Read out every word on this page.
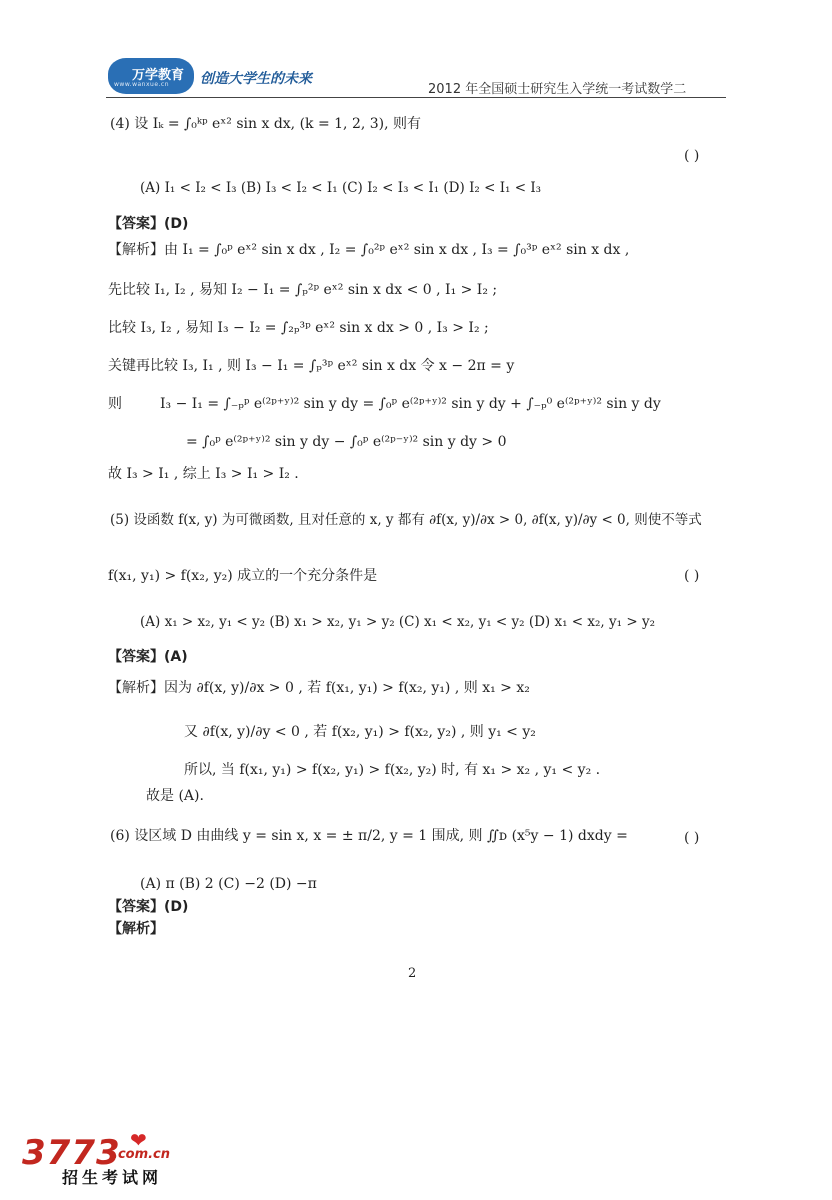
万学教育
www.wanxue.cn 创造大学生的未来
2012 年全国硕士研究生入学统一考试数学二
(4) 设 Iₖ = ∫₀ᵏᵖ eˣ² sin x dx, (k = 1, 2, 3), 则有
( )
(A) I₁ < I₂ < I₃ (B) I₃ < I₂ < I₁ (C) I₂ < I₃ < I₁ (D) I₂ < I₁ < I₃
【答案】(D)
【解析】由 I₁ = ∫₀ᵖ eˣ² sin x dx , I₂ = ∫₀²ᵖ eˣ² sin x dx , I₃ = ∫₀³ᵖ eˣ² sin x dx ,
先比较 I₁, I₂ , 易知 I₂ − I₁ = ∫ₚ²ᵖ eˣ² sin x dx < 0 , I₁ > I₂ ;
比较 I₃, I₂ , 易知 I₃ − I₂ = ∫₂ₚ³ᵖ eˣ² sin x dx > 0 , I₃ > I₂ ;
关键再比较 I₃, I₁ , 则 I₃ − I₁ = ∫ₚ³ᵖ eˣ² sin x dx 令 x − 2π = y
则	I₃ − I₁ = ∫₋ₚᵖ e⁽²ᵖ⁺ʸ⁾² sin y dy = ∫₀ᵖ e⁽²ᵖ⁺ʸ⁾² sin y dy + ∫₋ₚ⁰ e⁽²ᵖ⁺ʸ⁾² sin y dy
= ∫₀ᵖ e⁽²ᵖ⁺ʸ⁾² sin y dy − ∫₀ᵖ e⁽²ᵖ⁻ʸ⁾² sin y dy > 0
故 I₃ > I₁ , 综上 I₃ > I₁ > I₂ .
(5) 设函数 f(x, y) 为可微函数, 且对任意的 x, y 都有 ∂f(x, y)/∂x > 0, ∂f(x, y)/∂y < 0, 则使不等式
f(x₁, y₁) > f(x₂, y₂) 成立的一个充分条件是	( )
(A) x₁ > x₂, y₁ < y₂ (B) x₁ > x₂, y₁ > y₂ (C) x₁ < x₂, y₁ < y₂ (D) x₁ < x₂, y₁ > y₂
【答案】(A)
【解析】因为 ∂f(x, y)/∂x > 0 , 若 f(x₁, y₁) > f(x₂, y₁) , 则 x₁ > x₂
又 ∂f(x, y)/∂y < 0 , 若 f(x₂, y₁) > f(x₂, y₂) , 则 y₁ < y₂
所以, 当 f(x₁, y₁) > f(x₂, y₁) > f(x₂, y₂) 时, 有 x₁ > x₂ , y₁ < y₂ .
故是 (A).
(6) 设区域 D 由曲线 y = sin x, x = ± π/2, y = 1 围成, 则 ∬ᴅ (x⁵y − 1) dxdy =	( )
(A) π (B) 2 (C) −2 (D) −π
【答案】(D)
【解析】
2
3773 ❤
.com.cn
招生考试网
